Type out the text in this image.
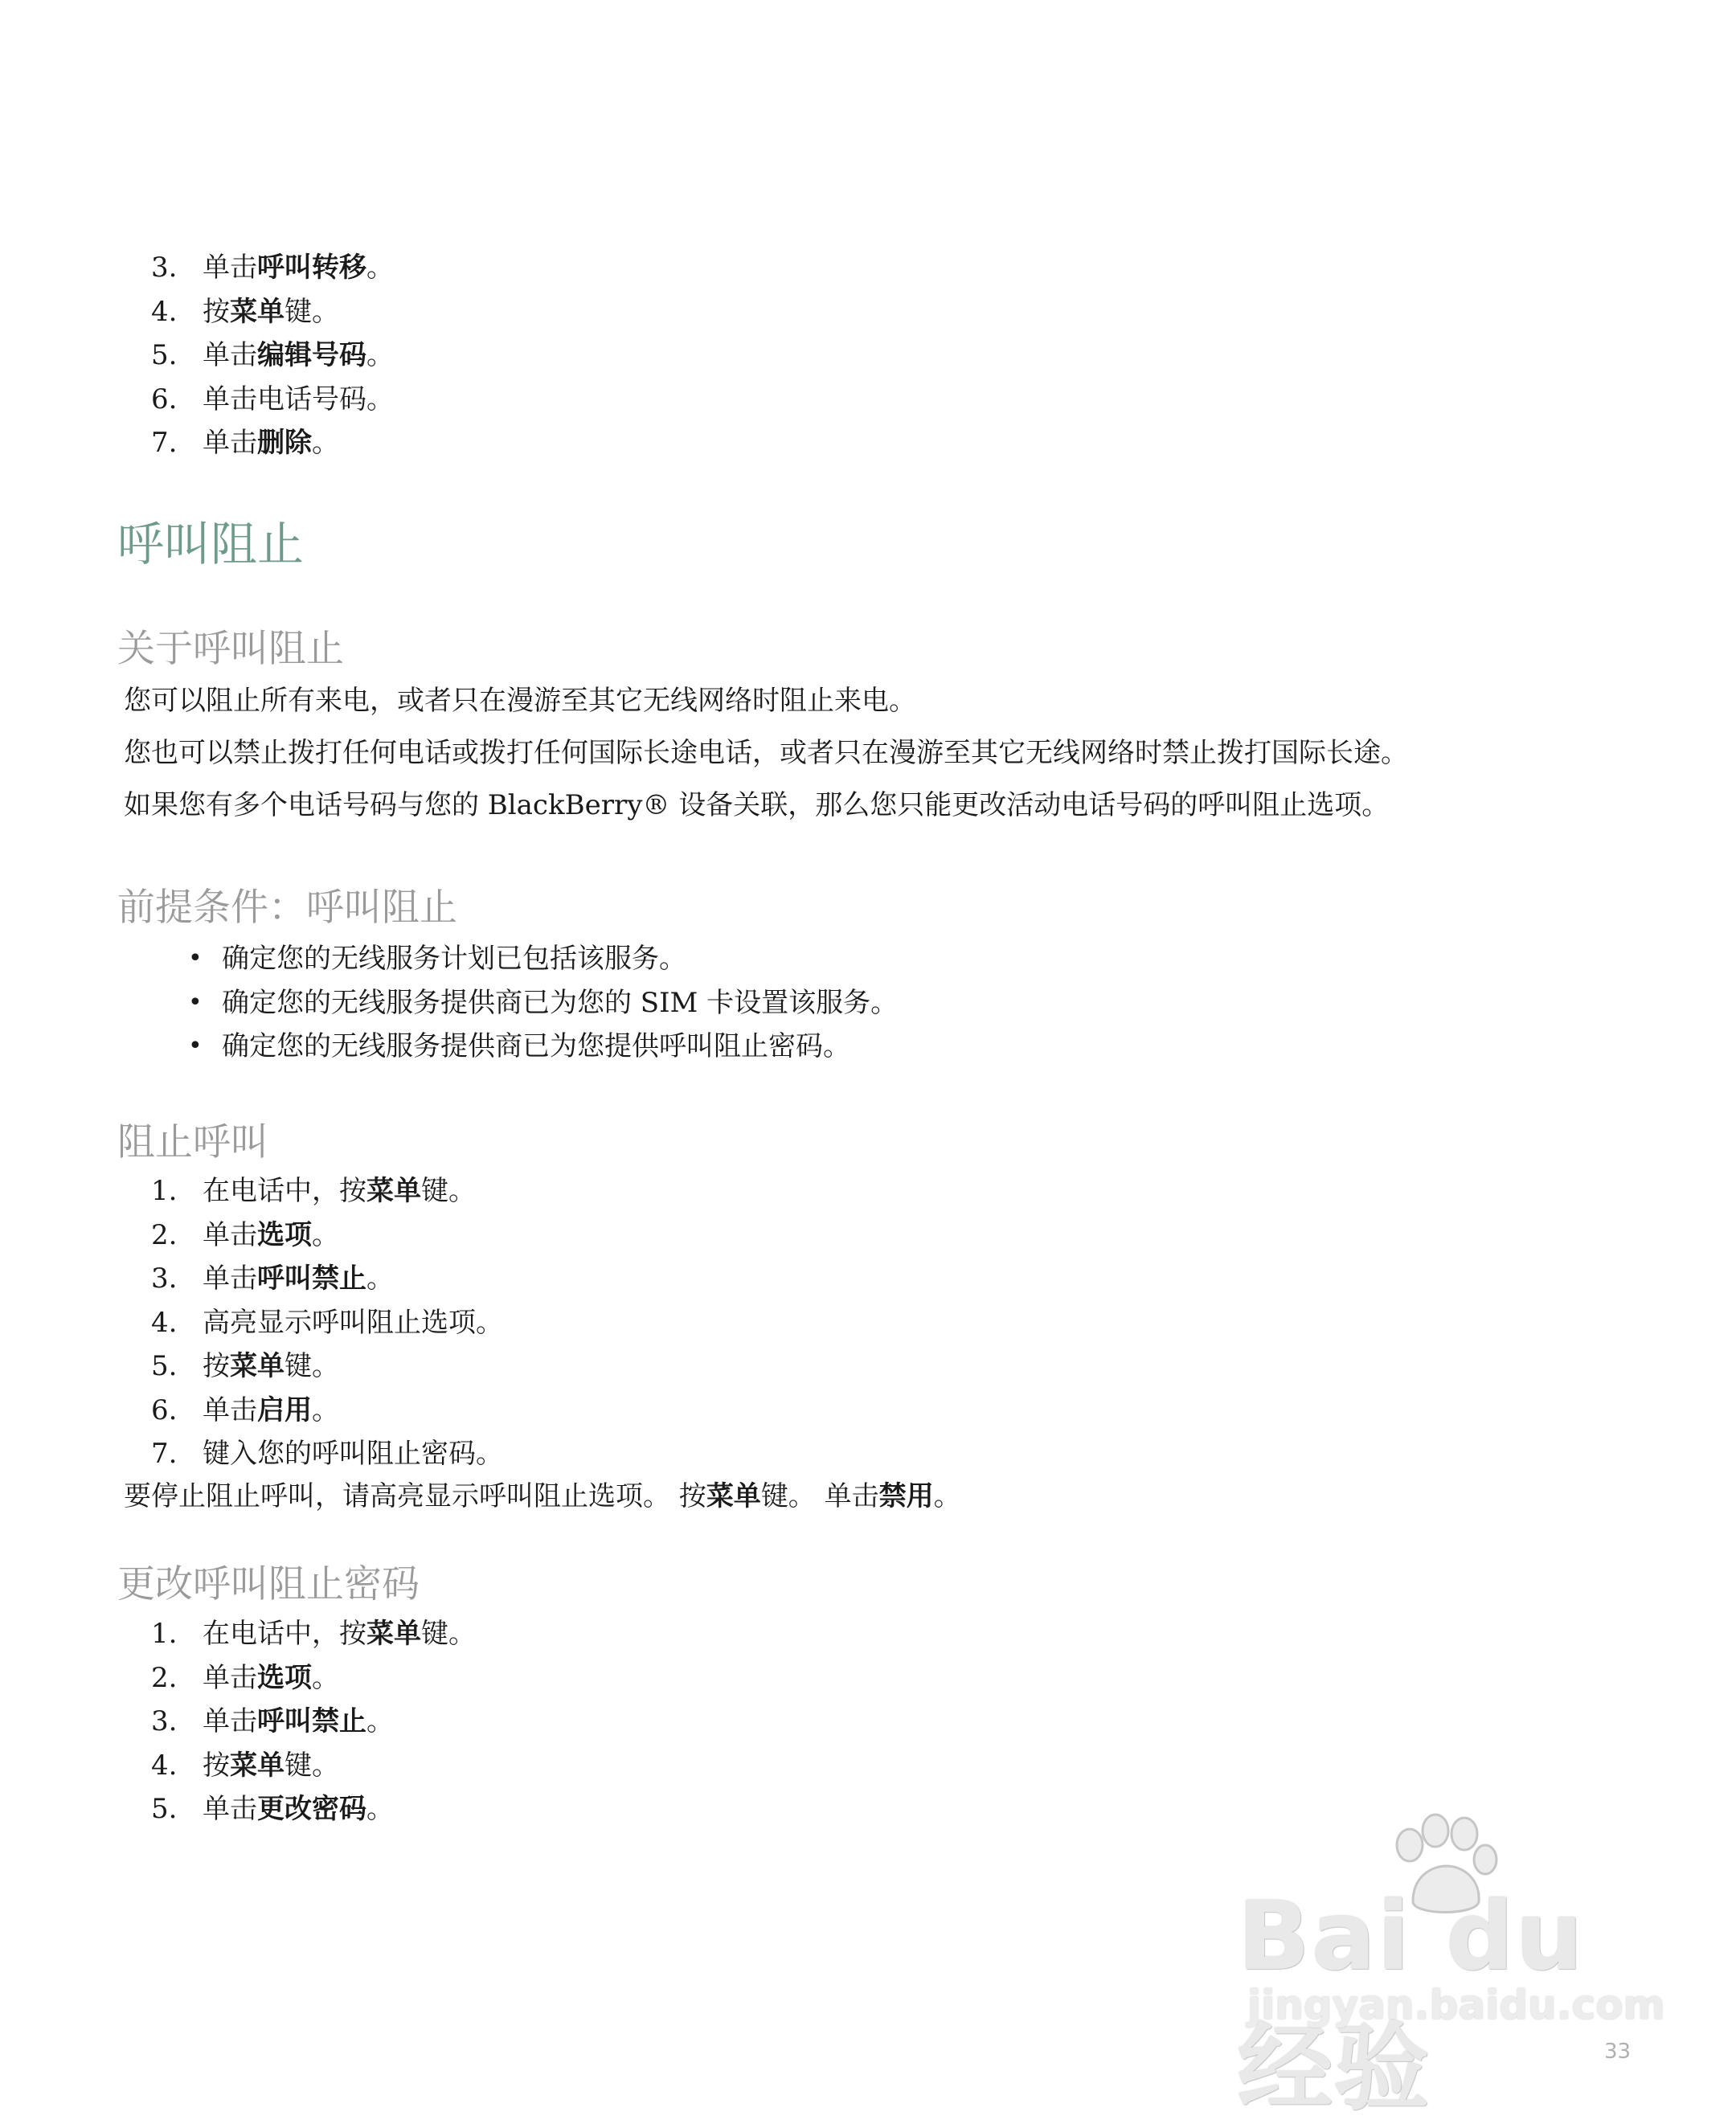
3. 单击呼叫转移。
4. 按菜单键。
5. 单击编辑号码。
6. 单击电话号码。
7. 单击删除。
呼叫阻止
关于呼叫阻止

您可以阻止所有来电，或者只在漫游至其它无线网络时阻止来电。

您也可以禁止拨打任何电话或拨打任何国际长途电话，或者只在漫游至其它无线网络时禁止拨打国际长途。

如果您有多个电话号码与您的 BlackBerry® 设备关联，那么您只能更改活动电话号码的呼叫阻止选项。

前提条件：呼叫阻止
• 确定您的无线服务计划已包括该服务。
• 确定您的无线服务提供商已为您的 SIM 卡设置该服务。
• 确定您的无线服务提供商已为您提供呼叫阻止密码。
阻止呼叫
1. 在电话中，按菜单键。
2. 单击选项。
3. 单击呼叫禁止。
4. 高亮显示呼叫阻止选项。
5. 按菜单键。
6. 单击启用。
7. 键入您的呼叫阻止密码。

要停止阻止呼叫，请高亮显示呼叫阻止选项。 按菜单键。 单击禁用。

更改呼叫阻止密码
1. 在电话中，按菜单键。
2. 单击选项。
3. 单击呼叫禁止。
4. 按菜单键。
5. 单击更改密码。
Bai du 经验
jingyan.baidu.com
33
